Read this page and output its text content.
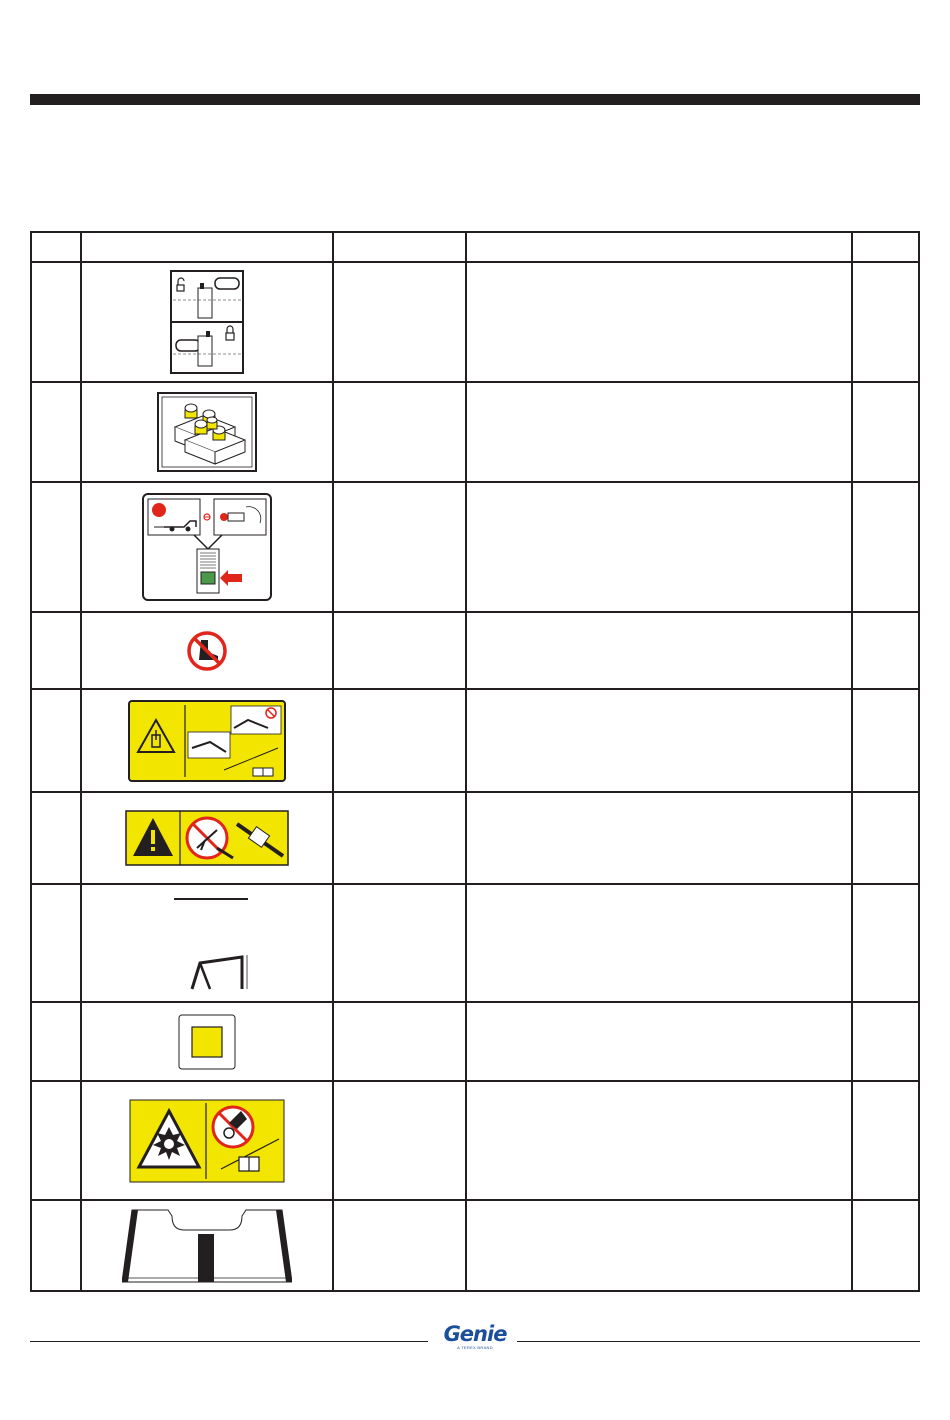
Genie
A TEREX BRAND
